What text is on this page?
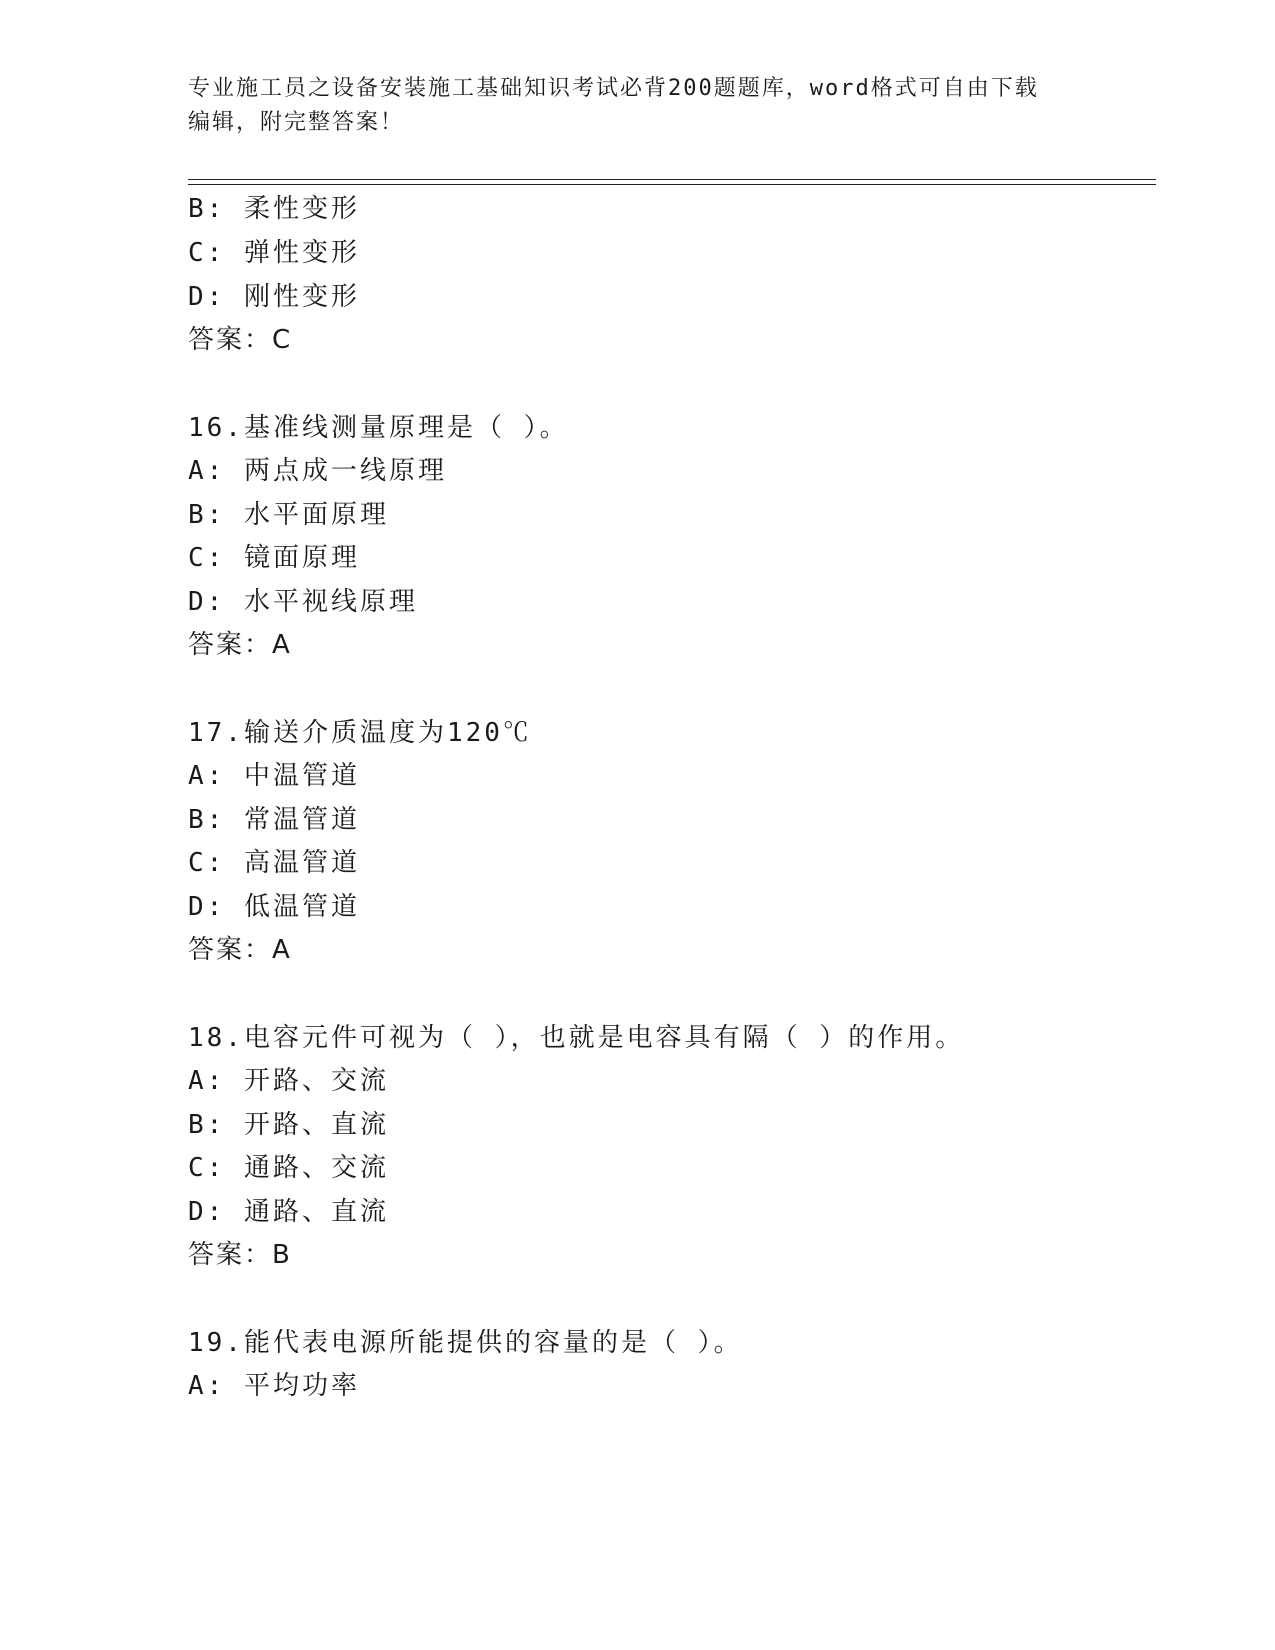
专业施工员之设备安装施工基础知识考试必背200题题库，word格式可自由下载
编辑，附完整答案！
B: 柔性变形
C: 弹性变形
D: 刚性变形
答案：C
16.基准线测量原理是（ ）。
A: 两点成一线原理
B: 水平面原理
C: 镜面原理
D: 水平视线原理
答案：A
17.输送介质温度为120℃
A: 中温管道
B: 常温管道
C: 高温管道
D: 低温管道
答案：A
18.电容元件可视为（ ），也就是电容具有隔（ ）的作用。
A: 开路、交流
B: 开路、直流
C: 通路、交流
D: 通路、直流
答案：B
19.能代表电源所能提供的容量的是（ ）。
A: 平均功率
